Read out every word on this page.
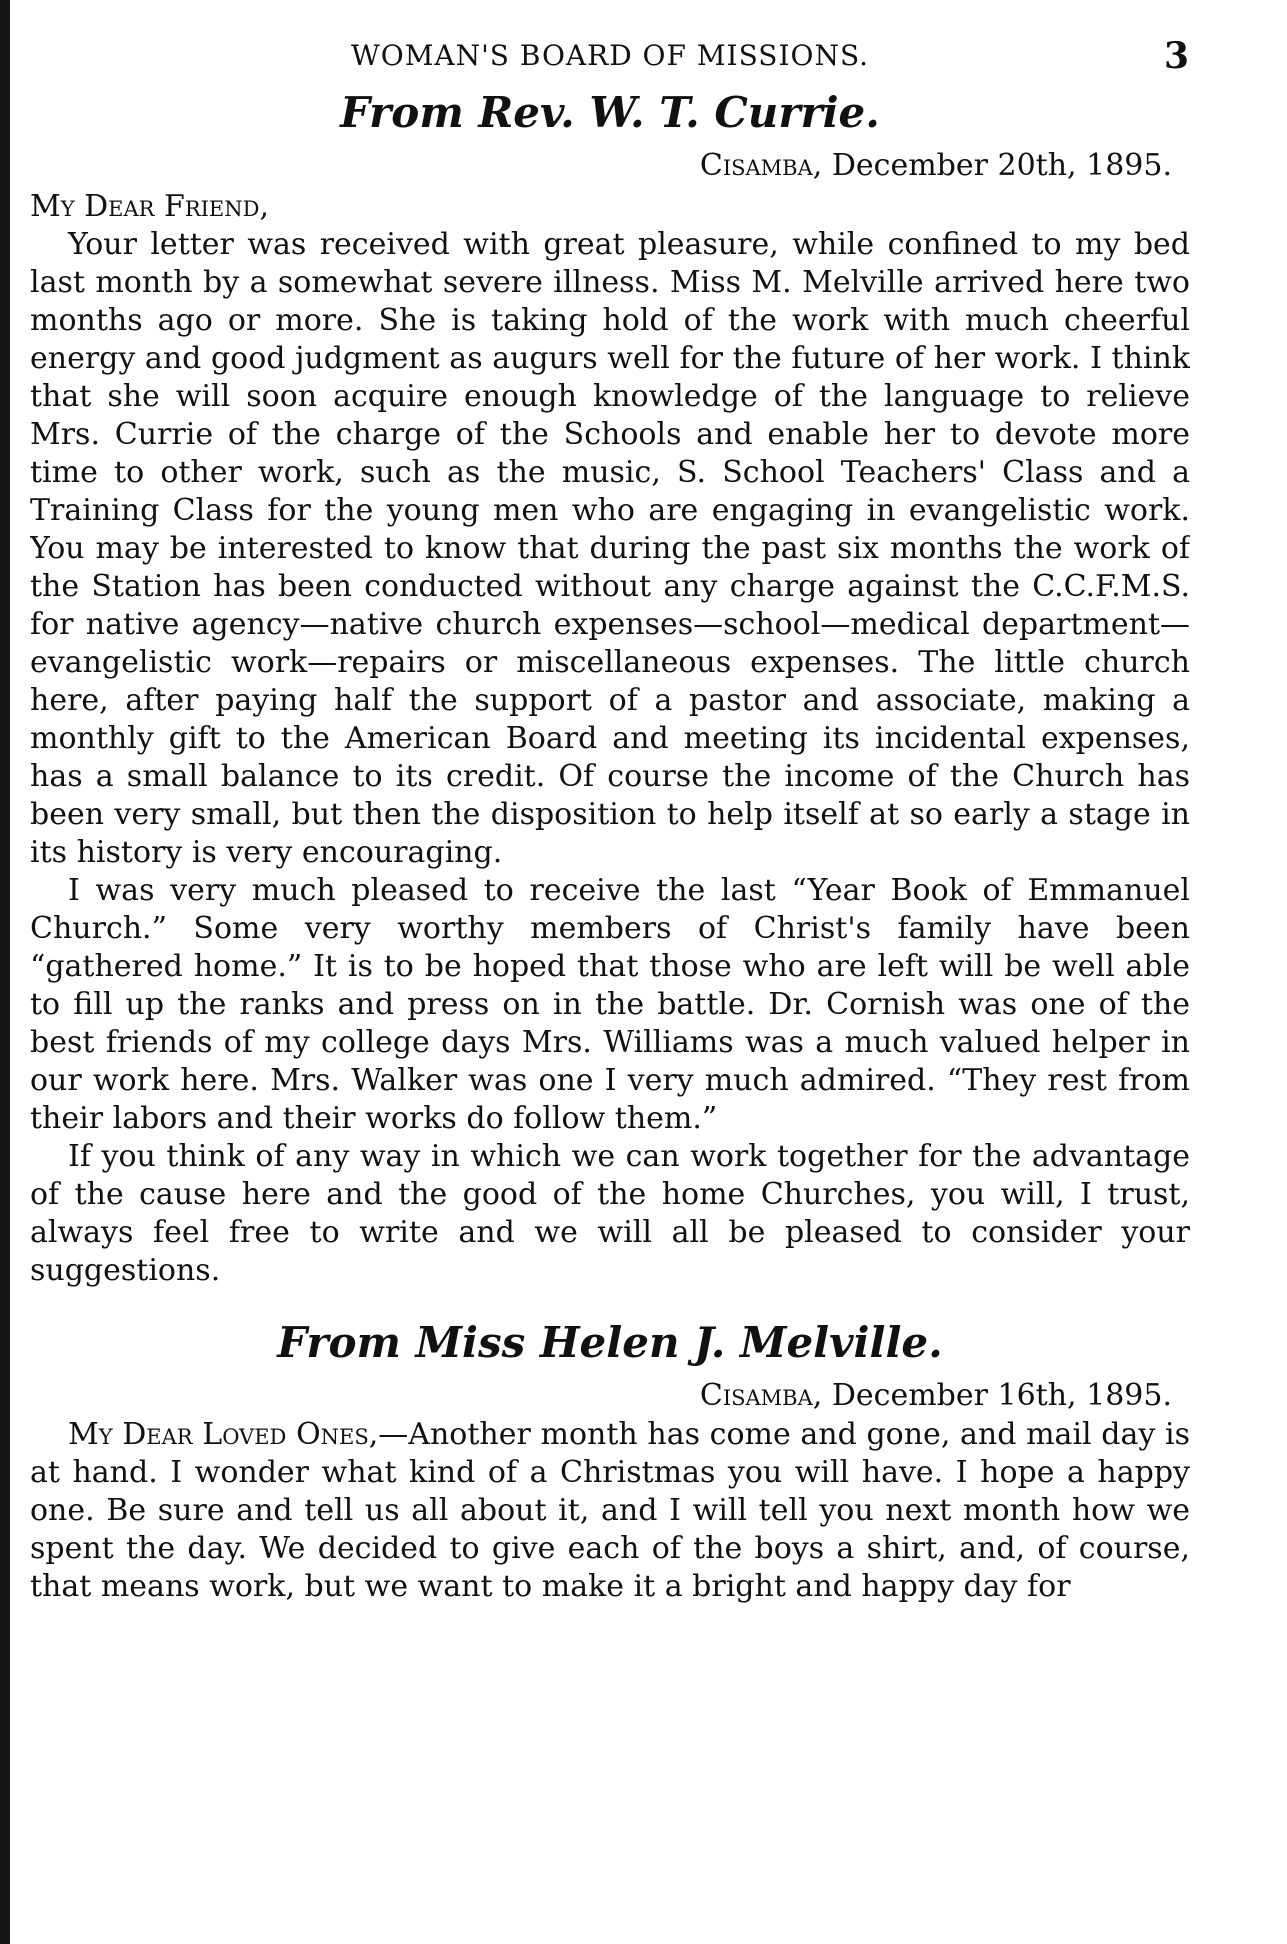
WOMAN'S BOARD OF MISSIONS.	3
From Rev. W. T. Currie.
Cisamba, December 20th, 1895.
My Dear Friend,

Your letter was received with great pleasure, while confined to my bed last month by a somewhat severe illness. Miss M. Melville arrived here two months ago or more. She is taking hold of the work with much cheerful energy and good judgment as augurs well for the future of her work. I think that she will soon acquire enough knowledge of the language to relieve Mrs. Currie of the charge of the Schools and enable her to devote more time to other work, such as the music, S. School Teachers' Class and a Training Class for the young men who are engaging in evangelistic work. You may be interested to know that during the past six months the work of the Station has been conducted without any charge against the C.C.F.M.S. for native agency—native church expenses—school—medical department—evangelistic work—repairs or miscellaneous expenses. The little church here, after paying half the support of a pastor and associate, making a monthly gift to the American Board and meeting its incidental expenses, has a small balance to its credit. Of course the income of the Church has been very small, but then the disposition to help itself at so early a stage in its history is very encouraging.

I was very much pleased to receive the last “Year Book of Emmanuel Church.” Some very worthy members of Christ's family have been “gathered home.” It is to be hoped that those who are left will be well able to fill up the ranks and press on in the battle. Dr. Cornish was one of the best friends of my college days Mrs. Williams was a much valued helper in our work here. Mrs. Walker was one I very much admired. “They rest from their labors and their works do follow them.”

If you think of any way in which we can work together for the advantage of the cause here and the good of the home Churches, you will, I trust, always feel free to write and we will all be pleased to consider your suggestions.

From Miss Helen J. Melville.
Cisamba, December 16th, 1895.

My Dear Loved Ones,—Another month has come and gone, and mail day is at hand. I wonder what kind of a Christmas you will have. I hope a happy one. Be sure and tell us all about it, and I will tell you next month how we spent the day. We decided to give each of the boys a shirt, and, of course, that means work, but we want to make it a bright and happy day for
